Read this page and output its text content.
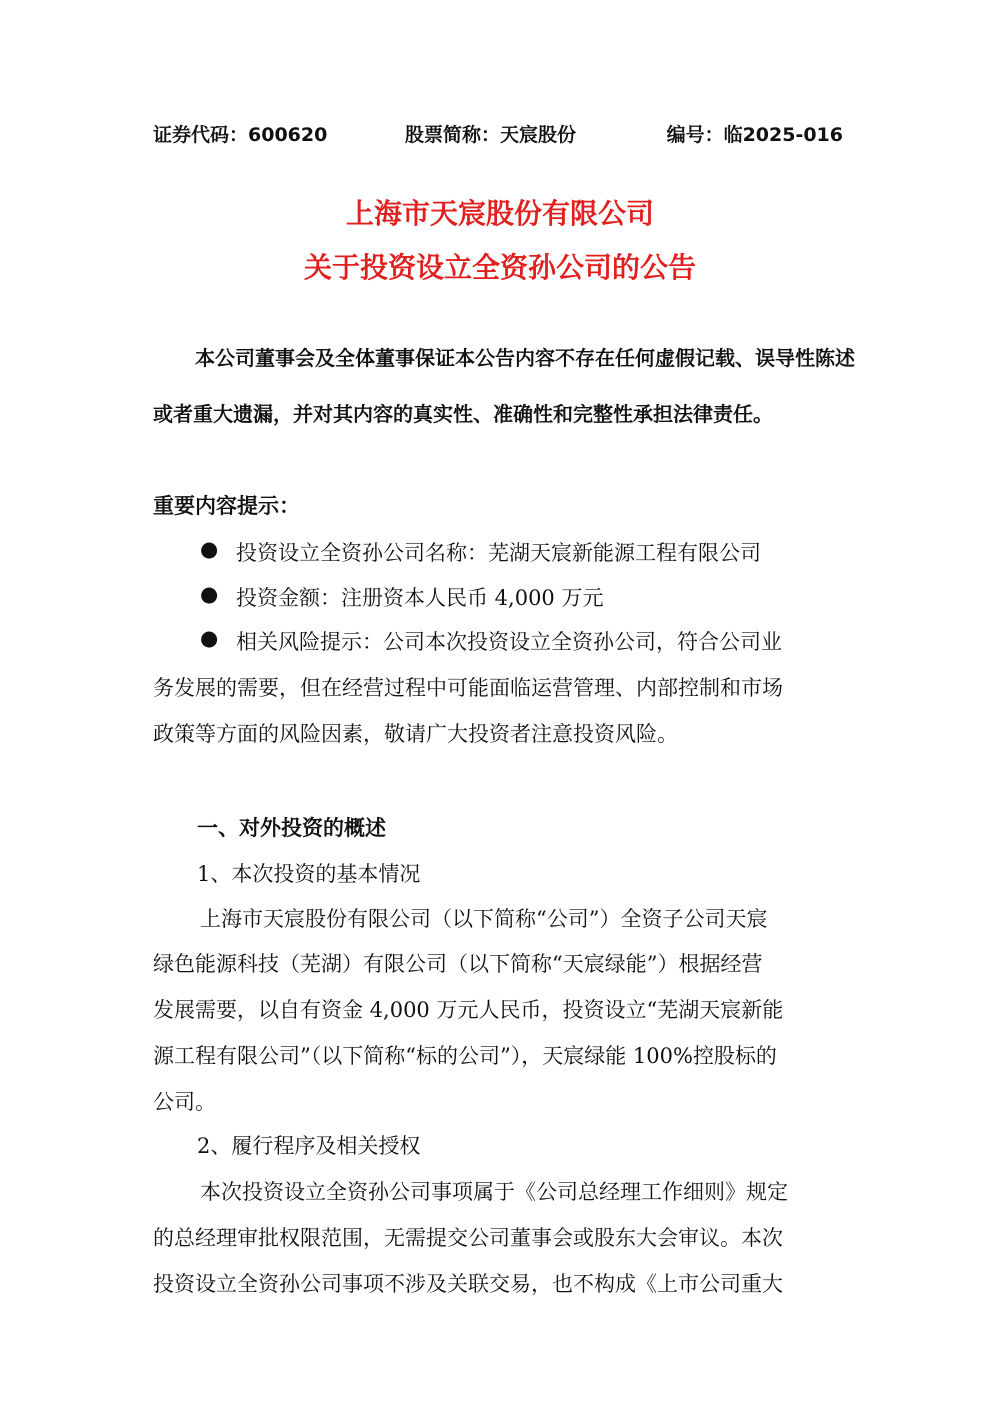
证券代码：600620	股票简称：天宸股份	编号：临2025-016
上海市天宸股份有限公司
关于投资设立全资孙公司的公告
本公司董事会及全体董事保证本公告内容不存在任何虚假记载、误导性陈述
或者重大遗漏，并对其内容的真实性、准确性和完整性承担法律责任。
重要内容提示：
● 投资设立全资孙公司名称：芜湖天宸新能源工程有限公司
● 投资金额：注册资本人民币 4,000 万元
● 相关风险提示：公司本次投资设立全资孙公司，符合公司业
务发展的需要，但在经营过程中可能面临运营管理、内部控制和市场
政策等方面的风险因素，敬请广大投资者注意投资风险。
一、对外投资的概述
1、本次投资的基本情况
上海市天宸股份有限公司（以下简称“公司”）全资子公司天宸
绿色能源科技（芜湖）有限公司（以下简称“天宸绿能”）根据经营
发展需要，以自有资金 4,000 万元人民币，投资设立“芜湖天宸新能
源工程有限公司”（以下简称“标的公司”），天宸绿能 100%控股标的
公司。
2、履行程序及相关授权
本次投资设立全资孙公司事项属于《公司总经理工作细则》规定
的总经理审批权限范围，无需提交公司董事会或股东大会审议。本次
投资设立全资孙公司事项不涉及关联交易，也不构成《上市公司重大
